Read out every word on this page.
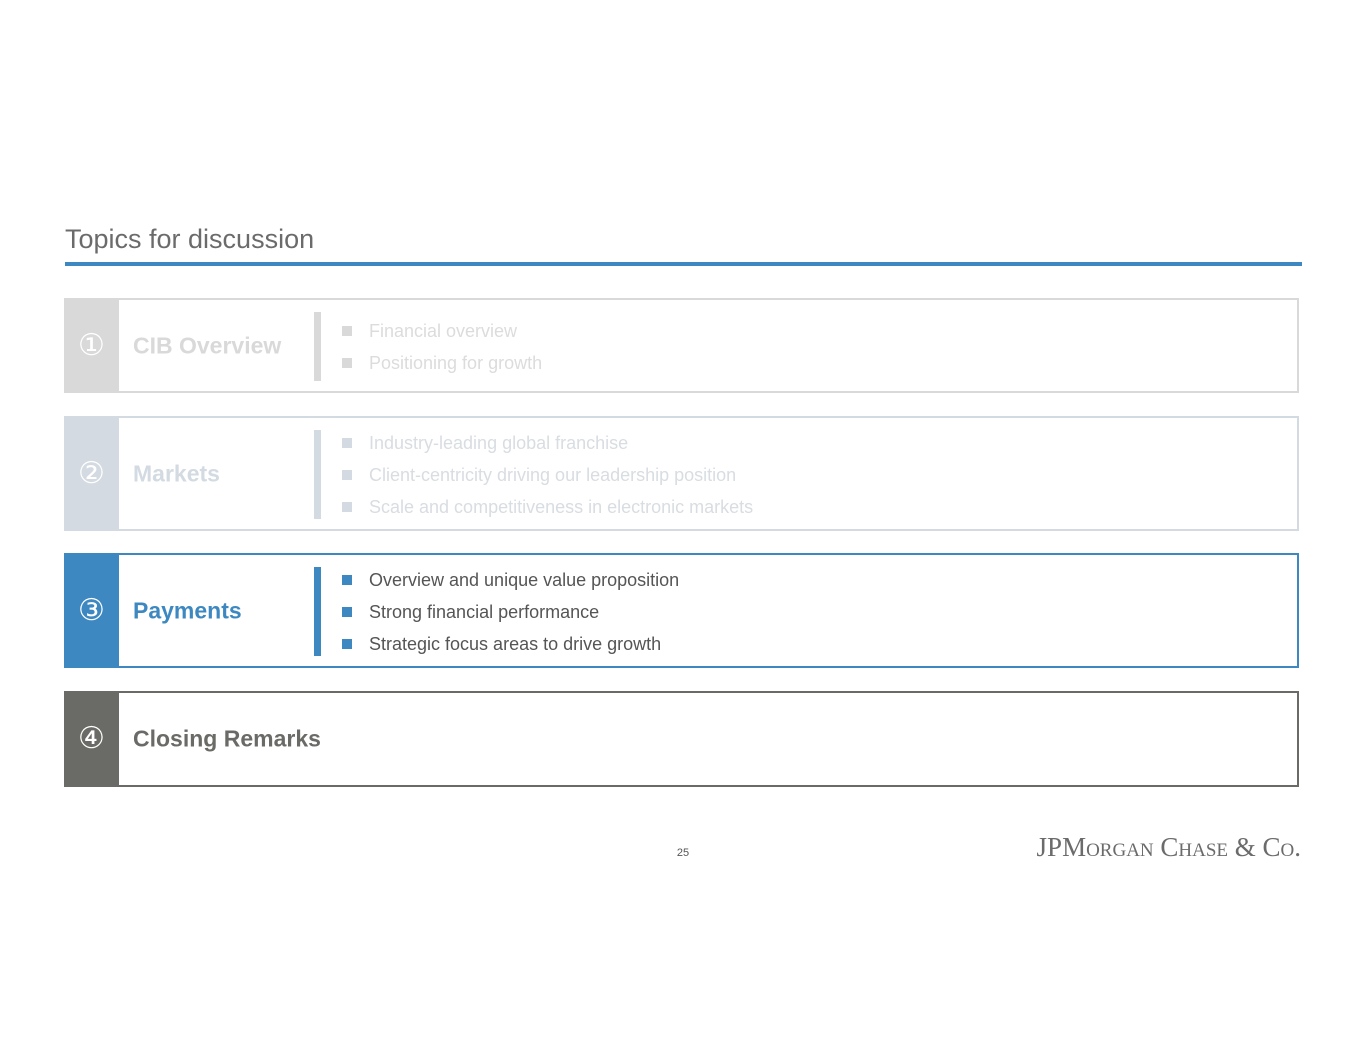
Topics for discussion
①	CIB Overview
Financial overview
Positioning for growth
②	Markets
Industry-leading global franchise
Client-centricity driving our leadership position
Scale and competitiveness in electronic markets
③	Payments
Overview and unique value proposition
Strong financial performance
Strategic focus areas to drive growth
④	Closing Remarks
25	JPMorgan Chase & Co.
